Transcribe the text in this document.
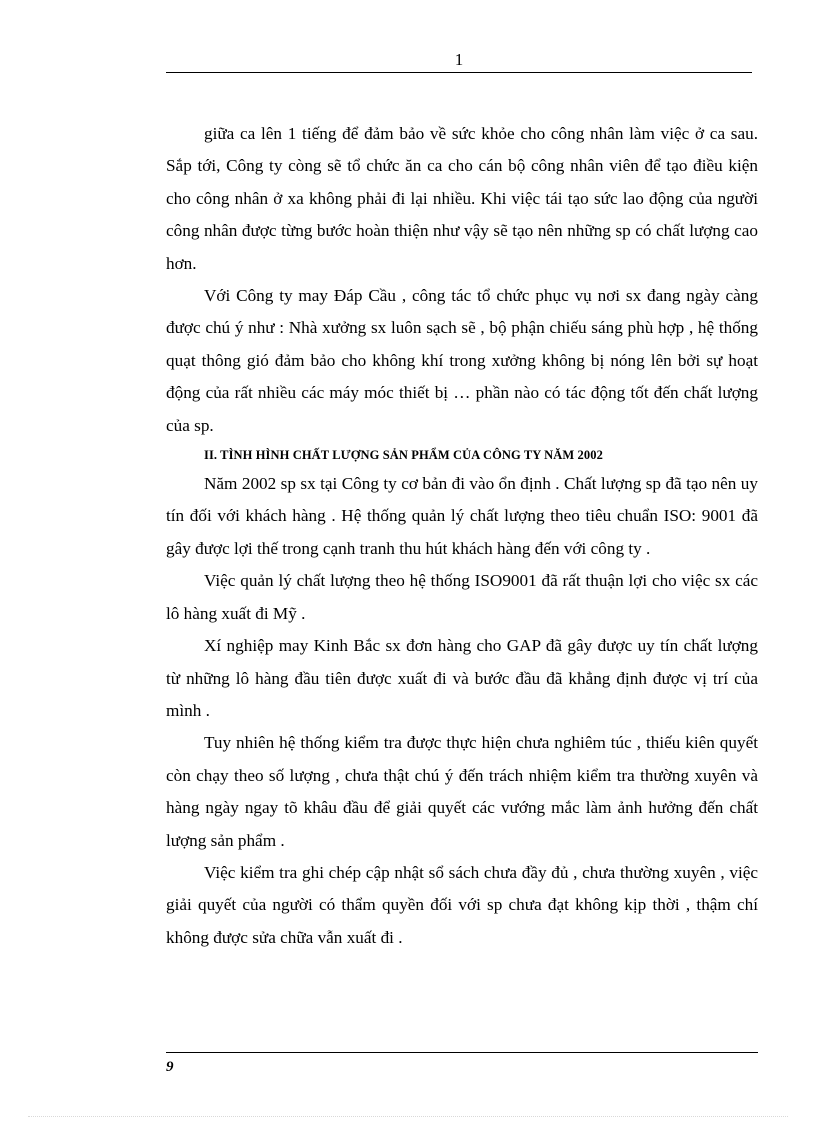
1

giữa ca lên 1 tiếng để đảm bảo về sức khỏe cho công nhân làm việc ở ca sau. Sắp tới, Công ty còng sẽ tổ chức ăn ca cho cán bộ công nhân viên để tạo điều kiện cho công nhân ở xa không phải đi lại nhiều. Khi việc tái tạo sức lao động của người công nhân được từng bước hoàn thiện như vậy sẽ tạo nên những sp có chất lượng cao hơn.

Với Công ty may Đáp Cầu , công tác tổ chức phục vụ nơi sx đang ngày càng được chú ý như : Nhà xưởng sx luôn sạch sẽ , bộ phận chiếu sáng phù hợp , hệ thống quạt thông gió đảm bảo cho không khí trong xưởng không bị nóng lên bởi sự hoạt động của rất nhiều các máy móc thiết bị … phần nào có tác động tốt đến chất lượng của sp.

II. TÌNH HÌNH CHẤT LƯỢNG SẢN PHẨM CỦA CÔNG TY NĂM 2002

Năm 2002 sp sx tại Công ty cơ bản đi vào ổn định . Chất lượng sp đã tạo nên uy tín đối với khách hàng . Hệ thống quản lý chất lượng theo tiêu chuẩn ISO: 9001 đã gây được lợi thế trong cạnh tranh thu hút khách hàng đến với công ty .

Việc quản lý chất lượng theo hệ thống ISO9001 đã rất thuận lợi cho việc sx các lô hàng xuất đi Mỹ .

Xí nghiệp may Kinh Bắc sx đơn hàng cho GAP đã gây được uy tín chất lượng từ những lô hàng đầu tiên được xuất đi và bước đầu đã khẳng định được vị trí của mình .

Tuy nhiên hệ thống kiểm tra được thực hiện chưa nghiêm túc , thiếu kiên quyết còn chạy theo số lượng , chưa thật chú ý đến trách nhiệm kiểm tra thường xuyên và hàng ngày ngay tõ khâu đầu để giải quyết các vướng mắc làm ảnh hưởng đến chất lượng sản phẩm .

Việc kiểm tra ghi chép cập nhật sổ sách chưa đầy đủ , chưa thường xuyên , việc giải quyết của người có thẩm quyền đối với sp chưa đạt không kịp thời , thậm chí không được sửa chữa vẫn xuất đi .

9
